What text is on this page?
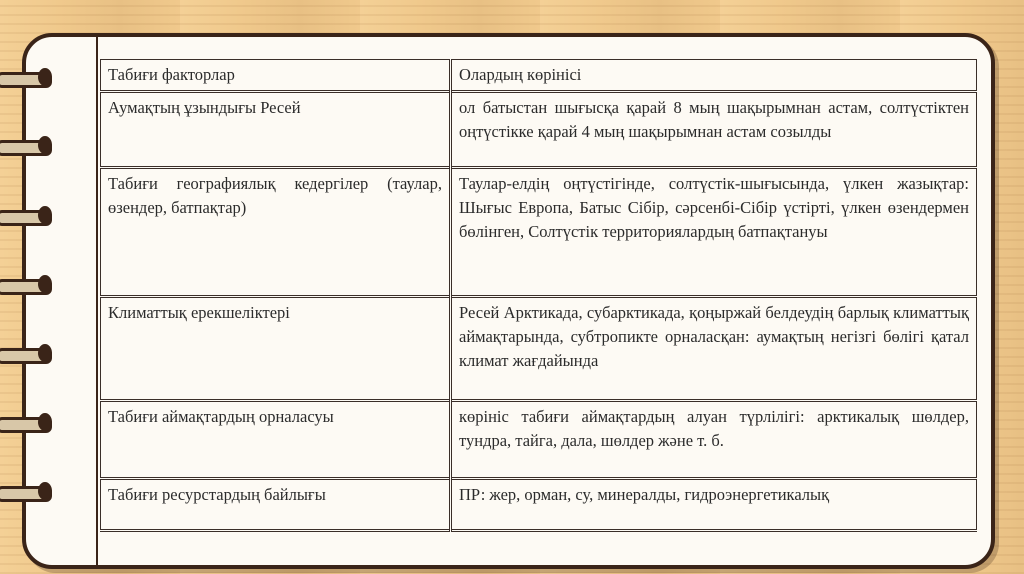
Табиғи факторлар	Олардың көрінісі
Аумақтың ұзындығы Ресей	ол батыстан шығысқа қарай 8 мың шақырымнан астам, солтүстіктен оңтүстікке қарай 4 мың шақырымнан астам созылды
Табиғи географиялық кедергілер (таулар, өзендер, батпақтар)	Таулар-елдің оңтүстігінде, солтүстік-шығысында, үлкен жазықтар: Шығыс Европа, Батыс Сібір, сәрсенбі-Сібір үстірті, үлкен өзендермен бөлінген, Солтүстік территориялардың батпақтануы
Климаттық ерекшеліктері	Ресей Арктикада, субарктикада, қоңыржай белдеудің барлық климаттық аймақтарында, субтропикте орналасқан: аумақтың негізгі бөлігі қатал климат жағдайында
Табиғи аймақтардың орналасуы	көрініс табиғи аймақтардың алуан түрлілігі: арктикалық шөлдер, тундра, тайга, дала, шөлдер және т. б.
Табиғи ресурстардың байлығы	ПР: жер, орман, су, минералды, гидроэнергетикалық
